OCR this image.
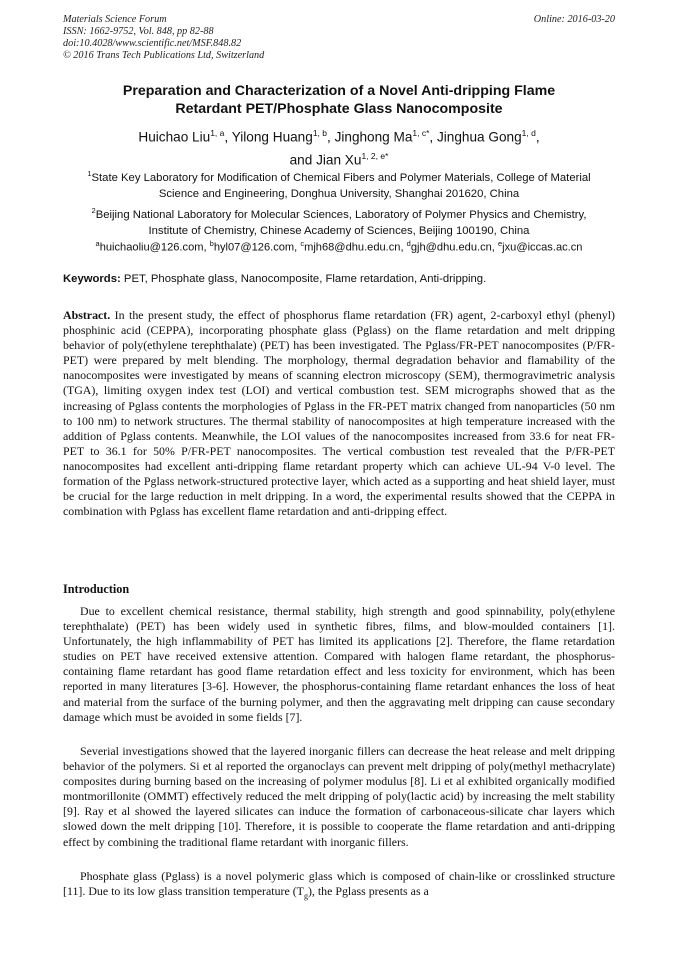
Materials Science Forum
ISSN: 1662-9752, Vol. 848, pp 82-88
doi:10.4028/www.scientific.net/MSF.848.82
© 2016 Trans Tech Publications Ltd, Switzerland
Online: 2016-03-20
Preparation and Characterization of a Novel Anti-dripping Flame
Retardant PET/Phosphate Glass Nanocomposite
Huichao Liu$^{1, a}$, Yilong Huang$^{1, b}$, Jinghong $Ma^{1, c*}$, Jinghua Gong$^{1, d}$,
and Jian $Xu^{1, 2, e*}$
$^1$State Key Laboratory for Modification of Chemical Fibers and Polymer Materials, College of Material
Science and Engineering, Donghua University, Shanghai 201620, China
$^2$Beijing National Laboratory for Molecular Sciences, Laboratory of Polymer Physics and Chemistry,
Institute of Chemistry, Chinese Academy of Sciences, Beijing 100190, China
$^a$huichaoliu@126.com, $^b$hyl07@126.com, $^c$mjh68@dhu.edu.cn, $^d$gjh@dhu.edu.cn, $^e$jxu@iccas.ac.cn
Keywords: PET, Phosphate glass, Nanocomposite, Flame retardation, Anti-dripping.

Abstract. In the present study, the effect of phosphorus flame retardation (FR) agent, 2-carboxyl ethyl (phenyl) phosphinic acid (CEPPA), incorporating phosphate glass (Pglass) on the flame retardation and melt dripping behavior of poly(ethylene terephthalate) (PET) has been investigated. The Pglass/FR-PET nanocomposites (P/FR-PET) were prepared by melt blending. The morphology, thermal degradation behavior and flamability of the nanocomposites were investigated by means of scanning electron microscopy (SEM), thermogravimetric analysis (TGA), limiting oxygen index test (LOI) and vertical combustion test. SEM micrographs showed that as the increasing of Pglass contents the morphologies of Pglass in the FR-PET matrix changed from nanoparticles (50 nm to 100 nm) to network structures. The thermal stability of nanocomposites at high temperature increased with the addition of Pglass contents. Meanwhile, the LOI values of the nanocomposites increased from 33.6 for neat FR-PET to 36.1 for 50% P/FR-PET nanocomposites. The vertical combustion test revealed that the P/FR-PET nanocomposites had excellent anti-dripping flame retardant property which can achieve UL-94 V-0 level. The formation of the Pglass network-structured protective layer, which acted as a supporting and heat shield layer, must be crucial for the large reduction in melt dripping. In a word, the experimental results showed that the CEPPA in combination with Pglass has excellent flame retardation and anti-dripping effect.

Introduction

Due to excellent chemical resistance, thermal stability, high strength and good spinnability, poly(ethylene terephthalate) (PET) has been widely used in synthetic fibres, films, and blow-moulded containers [1]. Unfortunately, the high inflammability of PET has limited its applications [2]. Therefore, the flame retardation studies on PET have received extensive attention. Compared with halogen flame retardant, the phosphorus-containing flame retardant has good flame retardation effect and less toxicity for environment, which has been reported in many literatures [3-6]. However, the phosphorus-containing flame retardant enhances the loss of heat and material from the surface of the burning polymer, and then the aggravating melt dripping can cause secondary damage which must be avoided in some fields [7].

Severial investigations showed that the layered inorganic fillers can decrease the heat release and melt dripping behavior of the polymers. Si et al reported the organoclays can prevent melt dripping of poly(methyl methacrylate) composites during burning based on the increasing of polymer modulus [8]. Li et al exhibited organically modified montmorillonite (OMMT) effectively reduced the melt dripping of poly(lactic acid) by increasing the melt stability [9]. Ray et al showed the layered silicates can induce the formation of carbonaceous-silicate char layers which slowed down the melt dripping [10]. Therefore, it is possible to cooperate the flame retardation and anti-dripping effect by combining the traditional flame retardant with inorganic fillers.

Phosphate glass (Pglass) is a novel polymeric glass which is composed of chain-like or crosslinked structure [11]. Due to its low glass transition temperature $(T_g)$, the Pglass presents as a
